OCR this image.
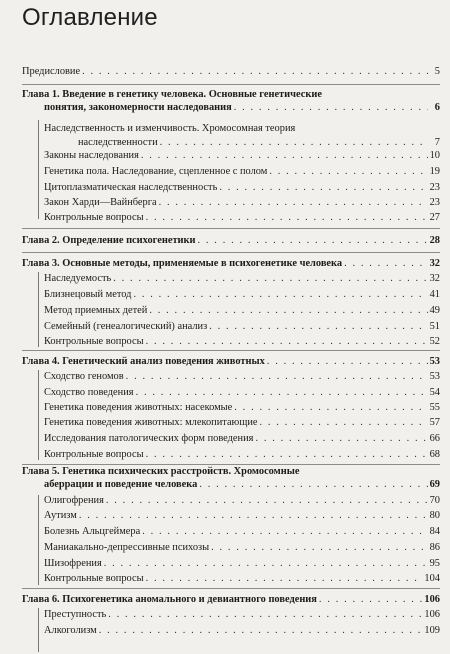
Оглавление
Предисловие . . .	5
Глава 1. Введение в генетику человека. Основные генетические
понятия, закономерности наследования . . .	6
Наследственность и изменчивость. Хромосомная теория
наследственности . . .	7
Законы наследования . . .	10
Генетика пола. Наследование, сцепленное с полом . . .	19
Цитоплазматическая наследственность . . .	23
Закон Харди—Вайнберга . . .	23
Контрольные вопросы . . .	27
Глава 2. Определение психогенетики . . .	28
Глава 3. Основные методы, применяемые в психогенетике человека . . .	32
Наследуемость . . .	32
Близнецовый метод . . .	41
Метод приемных детей . . .	49
Семейный (генеалогический) анализ . . .	51
Контрольные вопросы . . .	52
Глава 4. Генетический анализ поведения животных . . .	53
Сходство геномов . . .	53
Сходство поведения . . .	54
Генетика поведения животных: насекомые . . .	55
Генетика поведения животных: млекопитающие . . .	57
Исследования патологических форм поведения . . .	66
Контрольные вопросы . . .	68
Глава 5. Генетика психических расстройств. Хромосомные
аберрации и поведение человека . . .	69
Олигофрения . . .	70
Аутизм . . .	80
Болезнь Альцгеймера . . .	84
Маниакально-депрессивные психозы . . .	86
Шизофрения . . .	95
Контрольные вопросы . . .	104
Глава 6. Психогенетика аномального и девиантного поведения . . .	106
Преступность . . .	106
Алкоголизм . . .	109
